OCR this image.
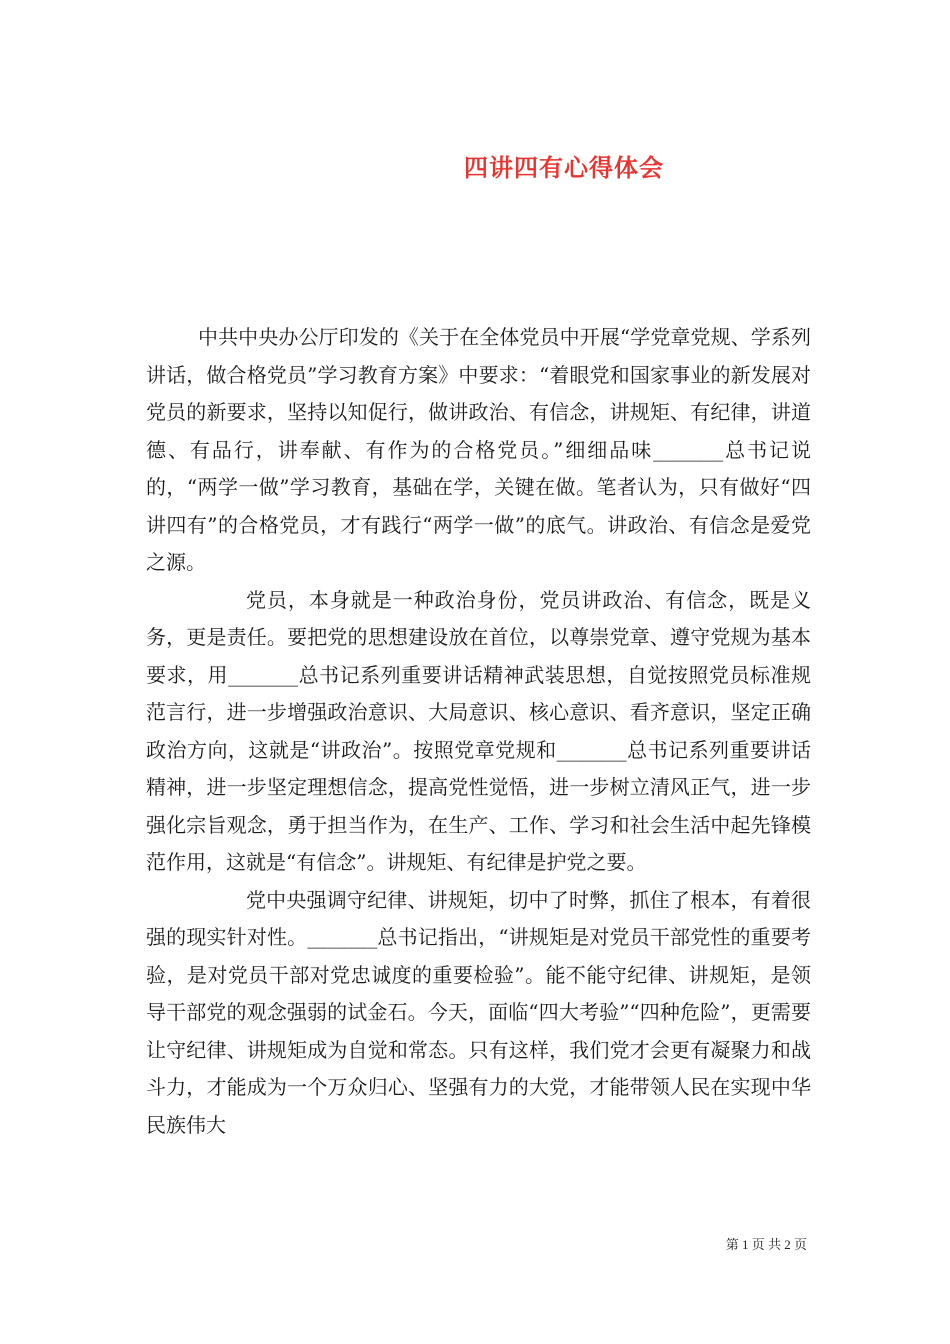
四讲四有心得体会

中共中央办公厅印发的《关于在全体党员中开展“学党章党规、学系列讲话，做合格党员”学习教育方案》中要求：“着眼党和国家事业的新发展对党员的新要求，坚持以知促行，做讲政治、有信念，讲规矩、有纪律，讲道德、有品行，讲奉献、有作为的合格党员。”细细品味_______总书记说的，“两学一做”学习教育，基础在学，关键在做。笔者认为，只有做好“四讲四有”的合格党员，才有践行“两学一做”的底气。讲政治、有信念是爱党之源。

党员，本身就是一种政治身份，党员讲政治、有信念，既是义务，更是责任。要把党的思想建设放在首位，以尊崇党章、遵守党规为基本要求，用_______总书记系列重要讲话精神武装思想，自觉按照党员标准规范言行，进一步增强政治意识、大局意识、核心意识、看齐意识，坚定正确政治方向，这就是“讲政治”。按照党章党规和_______总书记系列重要讲话精神，进一步坚定理想信念，提高党性觉悟，进一步树立清风正气，进一步强化宗旨观念，勇于担当作为，在生产、工作、学习和社会生活中起先锋模范作用，这就是“有信念”。讲规矩、有纪律是护党之要。

党中央强调守纪律、讲规矩，切中了时弊，抓住了根本，有着很强的现实针对性。_______总书记指出，“讲规矩是对党员干部党性的重要考验，是对党员干部对党忠诚度的重要检验”。能不能守纪律、讲规矩，是领导干部党的观念强弱的试金石。今天，面临“四大考验”“四种危险”，更需要让守纪律、讲规矩成为自觉和常态。只有这样，我们党才会更有凝聚力和战斗力，才能成为一个万众归心、坚强有力的大党，才能带领人民在实现中华民族伟大

第 1 页 共 2 页
